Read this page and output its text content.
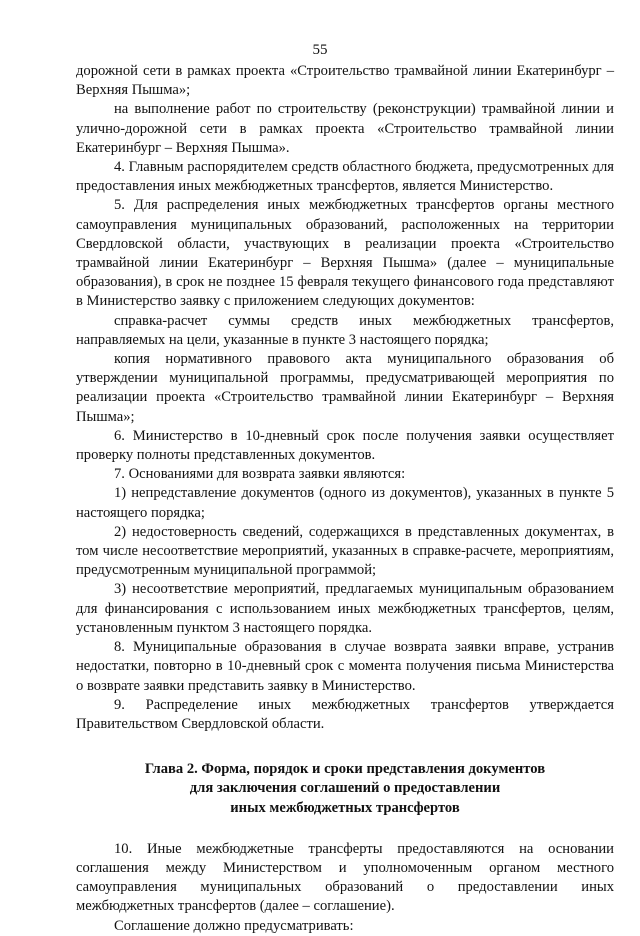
55

дорожной сети в рамках проекта «Строительство трамвайной линии Екатеринбург – Верхняя Пышма»;

на выполнение работ по строительству (реконструкции) трамвайной линии и улично-дорожной сети в рамках проекта «Строительство трамвайной линии Екатеринбург – Верхняя Пышма».

4. Главным распорядителем средств областного бюджета, предусмотренных для предоставления иных межбюджетных трансфертов, является Министерство.

5. Для распределения иных межбюджетных трансфертов органы местного самоуправления муниципальных образований, расположенных на территории Свердловской области, участвующих в реализации проекта «Строительство трамвайной линии Екатеринбург – Верхняя Пышма» (далее – муниципальные образования), в срок не позднее 15 февраля текущего финансового года представляют в Министерство заявку с приложением следующих документов:

справка-расчет суммы средств иных межбюджетных трансфертов, направляемых на цели, указанные в пункте 3 настоящего порядка;

копия нормативного правового акта муниципального образования об утверждении муниципальной программы, предусматривающей мероприятия по реализации проекта «Строительство трамвайной линии Екатеринбург – Верхняя Пышма»;

6. Министерство в 10-дневный срок после получения заявки осуществляет проверку полноты представленных документов.

7. Основаниями для возврата заявки являются:

1) непредставление документов (одного из документов), указанных в пункте 5 настоящего порядка;

2) недостоверность сведений, содержащихся в представленных документах, в том числе несоответствие мероприятий, указанных в справке-расчете, мероприятиям, предусмотренным муниципальной программой;

3) несоответствие мероприятий, предлагаемых муниципальным образованием для финансирования с использованием иных межбюджетных трансфертов, целям, установленным пунктом 3 настоящего порядка.

8. Муниципальные образования в случае возврата заявки вправе, устранив недостатки, повторно в 10-дневный срок с момента получения письма Министерства о возврате заявки представить заявку в Министерство.

9. Распределение иных межбюджетных трансфертов утверждается Правительством Свердловской области.

Глава 2. Форма, порядок и сроки представления документов
для заключения соглашений о предоставлении
иных межбюджетных трансфертов

10. Иные межбюджетные трансферты предоставляются на основании соглашения между Министерством и уполномоченным органом местного самоуправления муниципальных образований о предоставлении иных межбюджетных трансфертов (далее – соглашение).

Соглашение должно предусматривать:
